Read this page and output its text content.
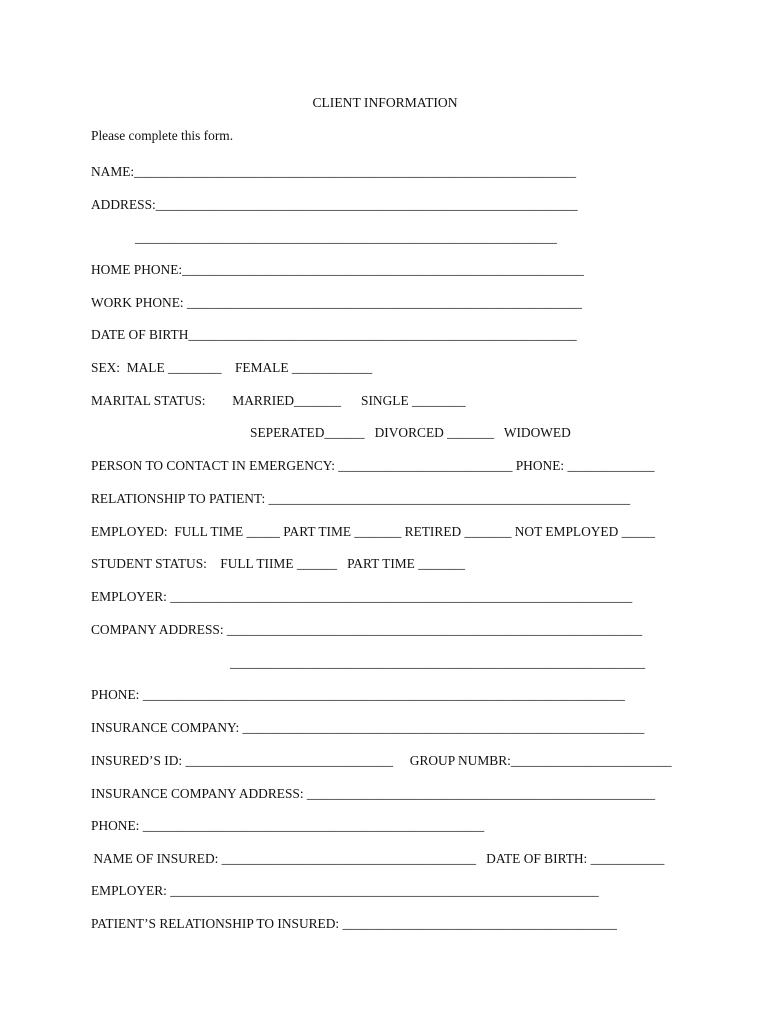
CLIENT INFORMATION
Please complete this form.
NAME:__________________________________________________________________
ADDRESS:_______________________________________________________________
_______________________________________________________________
HOME PHONE:____________________________________________________________
WORK PHONE: ___________________________________________________________
DATE OF BIRTH__________________________________________________________
SEX:  MALE ________    FEMALE ____________
MARITAL STATUS:        MARRIED_______      SINGLE ________
SEPERATED______   DIVORCED _______   WIDOWED
PERSON TO CONTACT IN EMERGENCY: __________________________ PHONE: _____________
RELATIONSHIP TO PATIENT: ______________________________________________________
EMPLOYED:  FULL TIME _____ PART TIME _______ RETIRED _______ NOT EMPLOYED _____
STUDENT STATUS:    FULL TIIME ______   PART TIME _______
EMPLOYER: _____________________________________________________________________
COMPANY ADDRESS: ______________________________________________________________
______________________________________________________________
PHONE: ________________________________________________________________________
INSURANCE COMPANY: ____________________________________________________________
INSURED’S ID: _______________________________     GROUP NUMBR:________________________
INSURANCE COMPANY ADDRESS: ____________________________________________________
PHONE: ___________________________________________________
NAME OF INSURED: ______________________________________   DATE OF BIRTH: ___________
EMPLOYER: ________________________________________________________________
PATIENT’S RELATIONSHIP TO INSURED: _________________________________________
